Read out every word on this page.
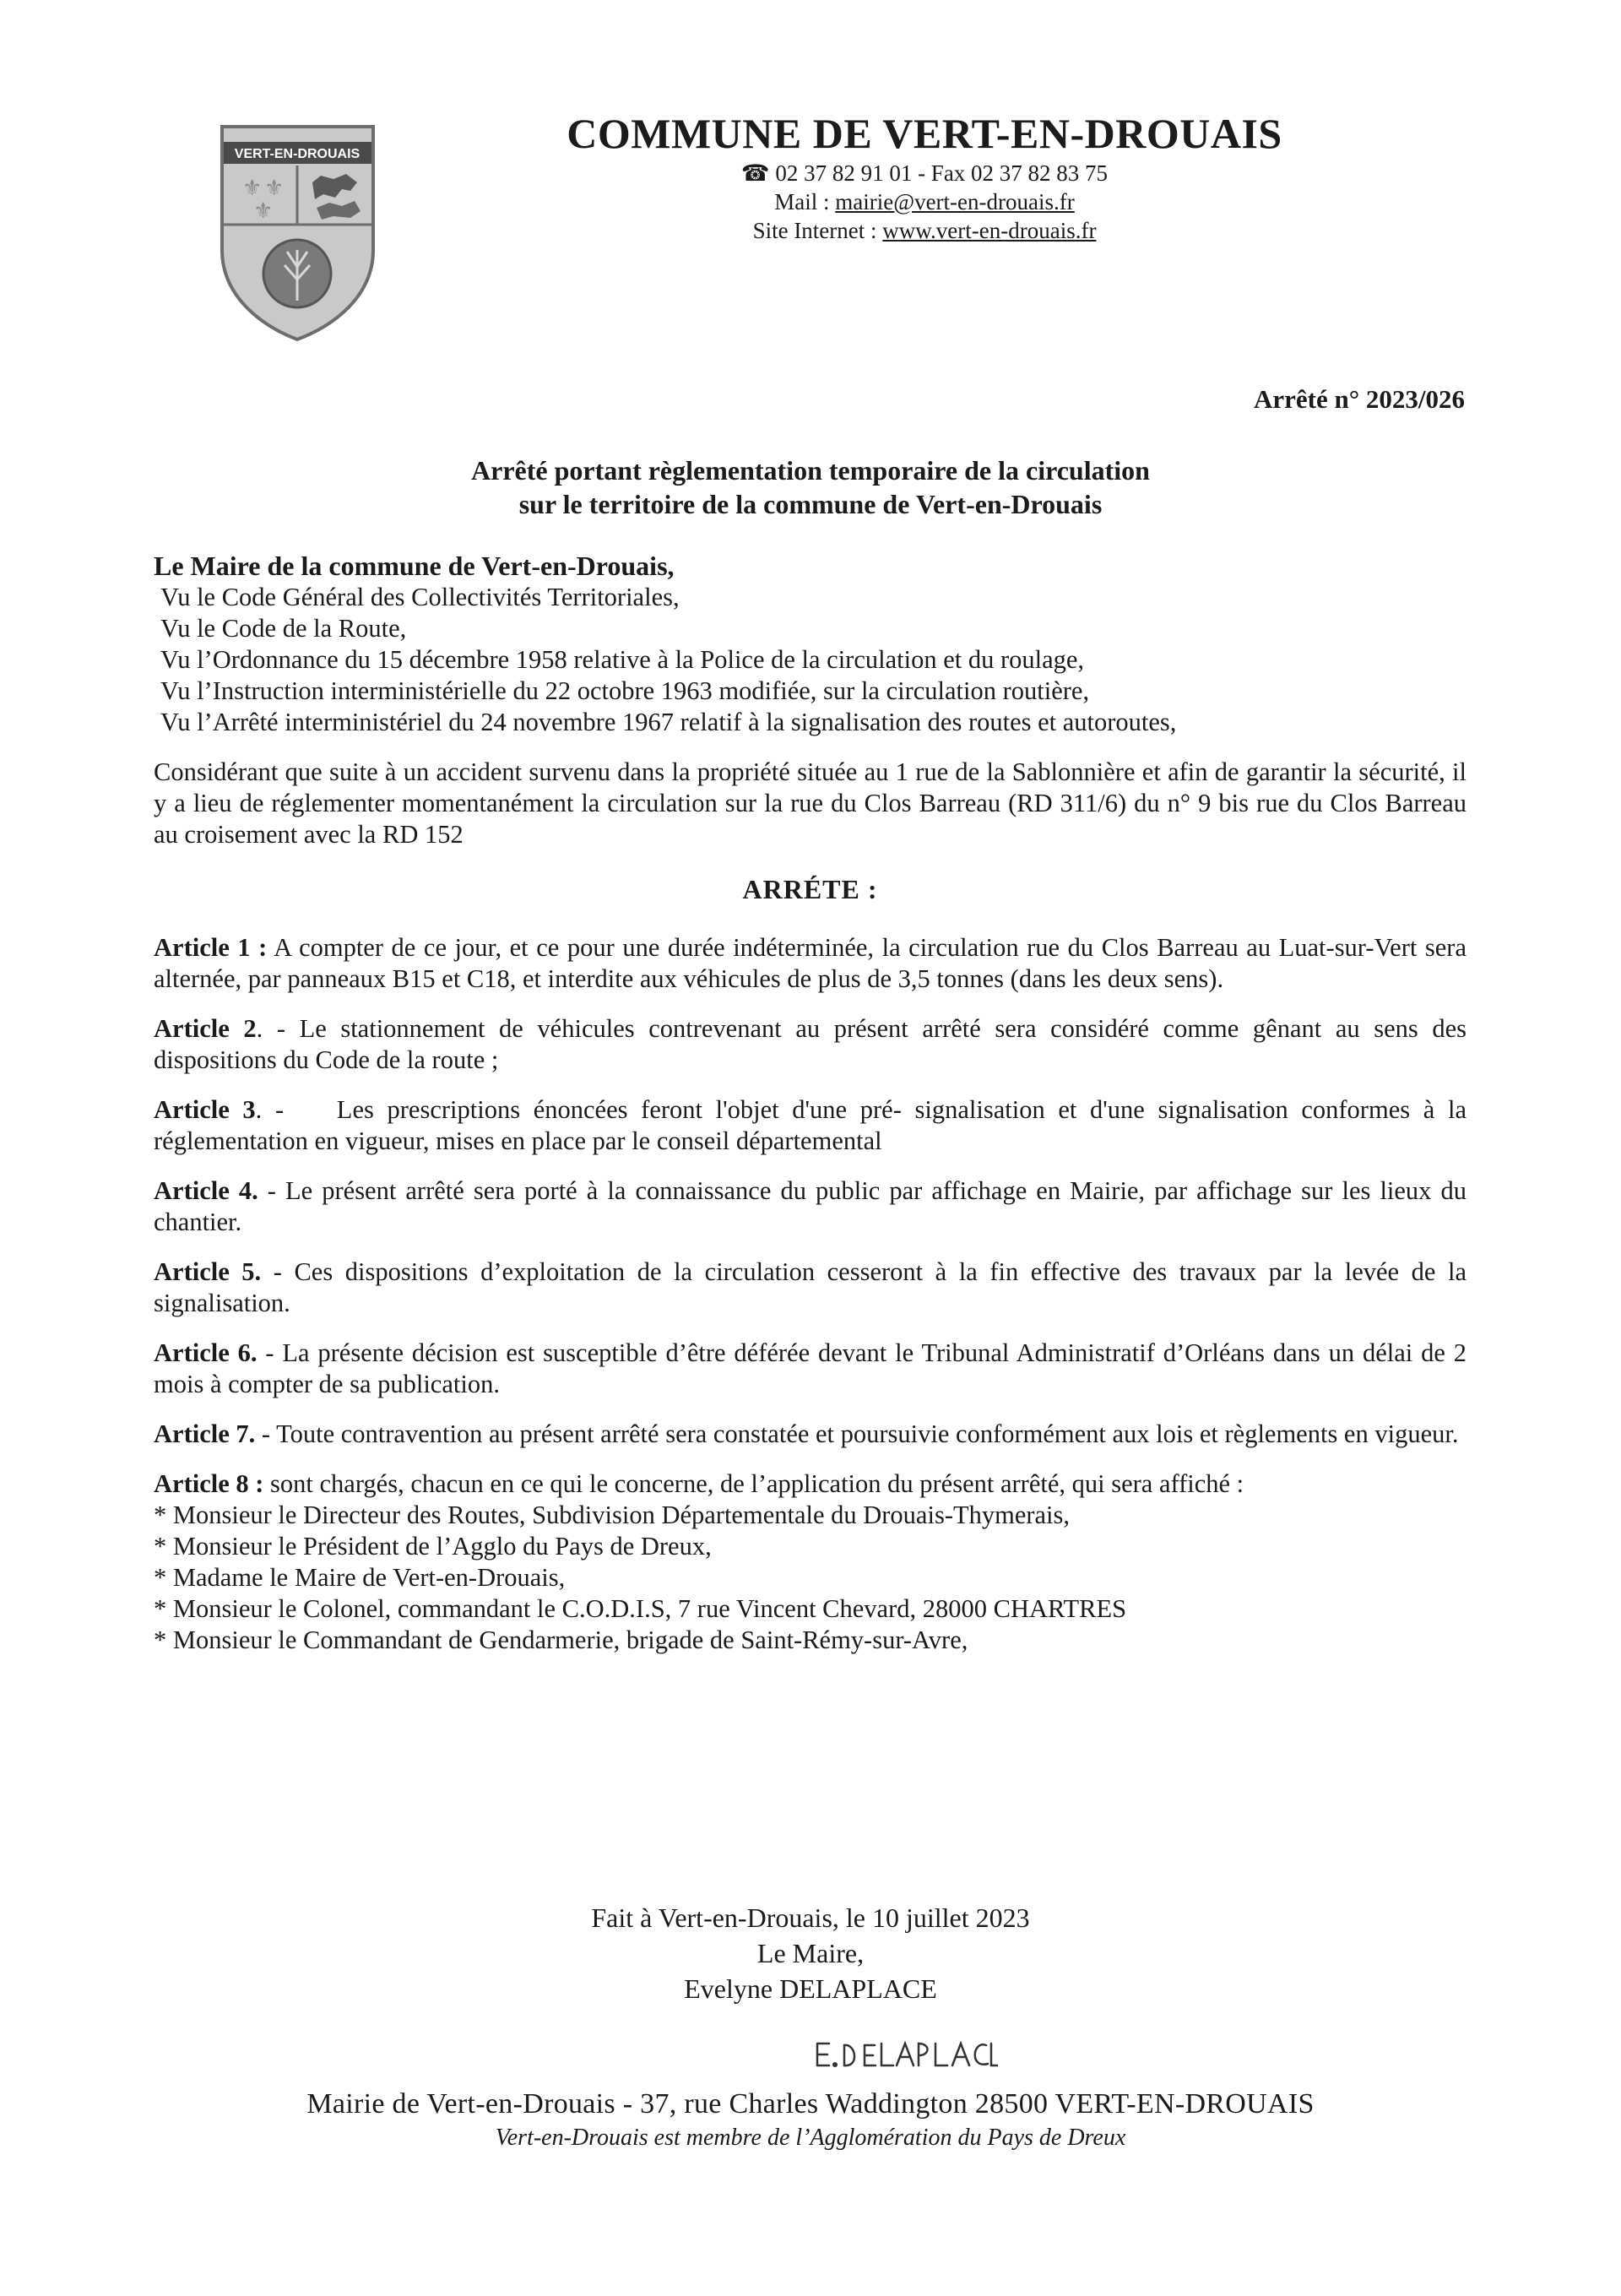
VERT-EN-DROUAIS
⚜ ⚜
⚜
COMMUNE DE VERT-EN-DROUAIS
☎ 02 37 82 91 01 - Fax 02 37 82 83 75
Mail : mairie@vert-en-drouais.fr
Site Internet : www.vert-en-drouais.fr
Arrêté n° 2023/026
Arrêté portant règlementation temporaire de la circulation
sur le territoire de la commune de Vert-en-Drouais
Le Maire de la commune de Vert-en-Drouais,
Vu le Code Général des Collectivités Territoriales,
Vu le Code de la Route,
Vu l’Ordonnance du 15 décembre 1958 relative à la Police de la circulation et du roulage,
Vu l’Instruction interministérielle du 22 octobre 1963 modifiée, sur la circulation routière,
Vu l’Arrêté interministériel du 24 novembre 1967 relatif à la signalisation des routes et autoroutes,

Considérant que suite à un accident survenu dans la propriété située au 1 rue de la Sablonnière et afin de garantir la sécurité, il y a lieu de réglementer momentanément la circulation sur la rue du Clos Barreau (RD 311/6) du n° 9 bis rue du Clos Barreau au croisement avec la RD 152

ARRÉTE :

Article 1 : A compter de ce jour, et ce pour une durée indéterminée, la circulation rue du Clos Barreau au Luat-sur-Vert sera alternée, par panneaux B15 et C18, et interdite aux véhicules de plus de 3,5 tonnes (dans les deux sens).

Article 2. - Le stationnement de véhicules contrevenant au présent arrêté sera considéré comme gênant au sens des dispositions du Code de la route ;

Article 3. -    Les prescriptions énoncées feront l'objet d'une pré- signalisation et d'une signalisation conformes à la réglementation en vigueur, mises en place par le conseil départemental

Article 4. - Le présent arrêté sera porté à la connaissance du public par affichage en Mairie, par affichage sur les lieux du chantier.

Article 5. - Ces dispositions d’exploitation de la circulation cesseront à la fin effective des travaux par la levée de la signalisation.

Article 6. - La présente décision est susceptible d’être déférée devant le Tribunal Administratif d’Orléans dans un délai de 2 mois à compter de sa publication.

Article 7. - Toute contravention au présent arrêté sera constatée et poursuivie conformément aux lois et règlements en vigueur.

Article 8 : sont chargés, chacun en ce qui le concerne, de l’application du présent arrêté, qui sera affiché :

* Monsieur le Directeur des Routes, Subdivision Départementale du Drouais-Thymerais,
* Monsieur le Président de l’Agglo du Pays de Dreux,
* Madame le Maire de Vert-en-Drouais,
* Monsieur le Colonel, commandant le C.O.D.I.S, 7 rue Vincent Chevard, 28000 CHARTRES
* Monsieur le Commandant de Gendarmerie, brigade de Saint-Rémy-sur-Avre,
Fait à Vert-en-Drouais, le 10 juillet 2023
Le Maire,
Evelyne DELAPLACE
Mairie de Vert-en-Drouais - 37, rue Charles Waddington 28500 VERT-EN-DROUAIS
Vert-en-Drouais est membre de l’Agglomération du Pays de Dreux
